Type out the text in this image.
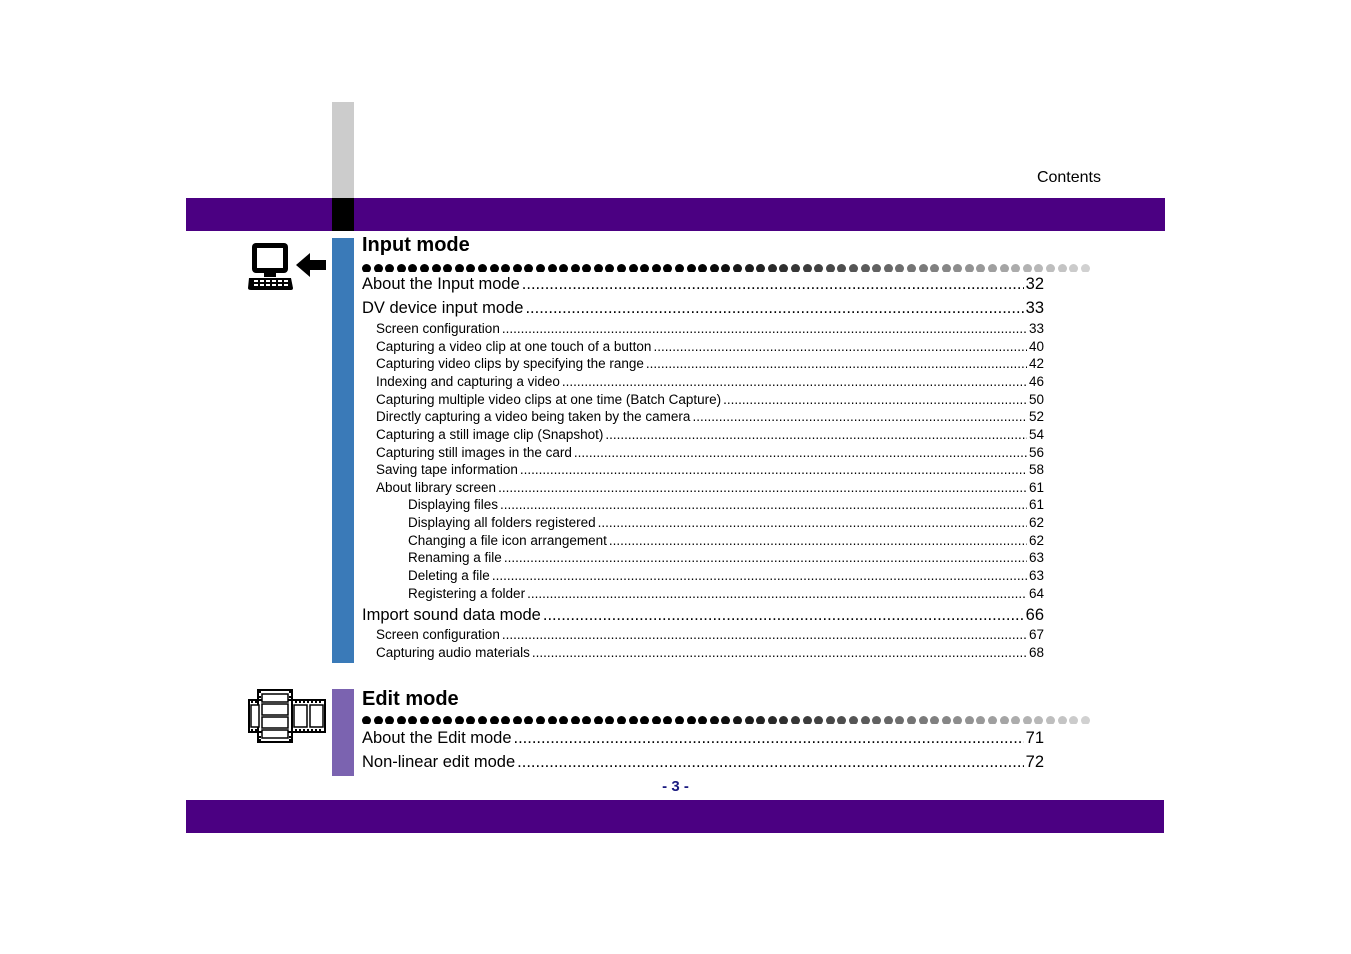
Contents
Input mode
About the Input mode .....	32
DV device input mode .....	33
Screen configuration .....	33
Capturing a video clip at one touch of a button .....	40
Capturing video clips by specifying the range .....	42
Indexing and capturing a video .....	46
Capturing multiple video clips at one time (Batch Capture) .....	50
Directly capturing a video being taken by the camera .....	52
Capturing a still image clip (Snapshot) .....	54
Capturing still images in the card .....	56
Saving tape information .....	58
About library screen .....	61
Displaying files .....	61
Displaying all folders registered .....	62
Changing a file icon arrangement .....	62
Renaming a file .....	63
Deleting a file .....	63
Registering a folder .....	64
Import sound data mode .....	66
Screen configuration .....	67
Capturing audio materials .....	68
Edit mode
About the Edit mode .....	71
Non-linear edit mode .....	72
- 3 -
